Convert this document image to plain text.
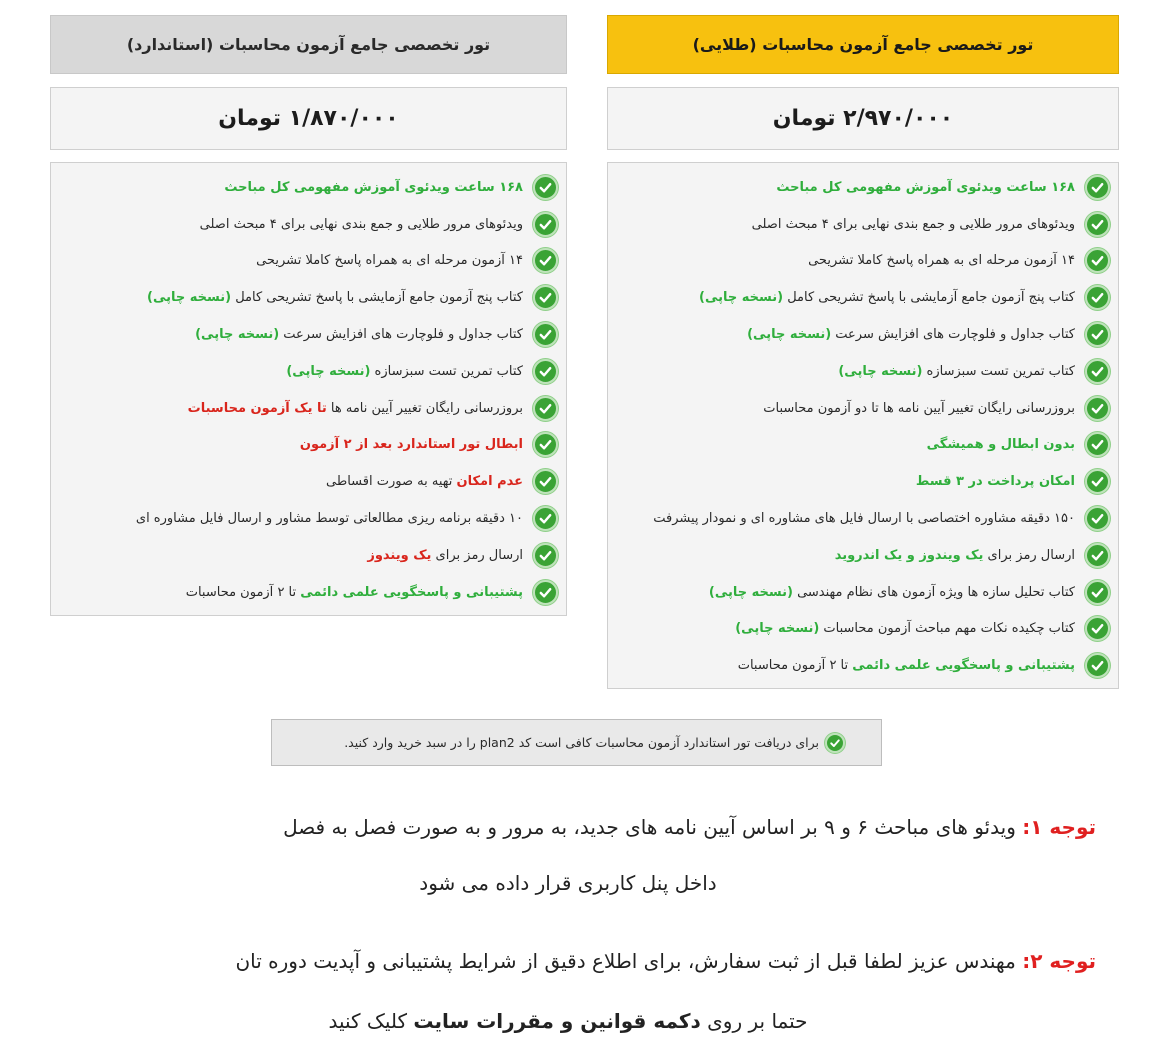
تور تخصصی جامع آزمون محاسبات (طلایی)
۲/۹۷۰/۰۰۰ تومان
۱۶۸ ساعت ویدئوی آموزش مفهومی کل مباحث
ویدئوهای مرور طلایی و جمع بندی نهایی برای ۴ مبحث اصلی
۱۴ آزمون مرحله ای به همراه پاسخ کاملا تشریحی
کتاب پنج آزمون جامع آزمایشی با پاسخ تشریحی کامل (نسخه چاپی)
کتاب جداول و فلوچارت های افزایش سرعت (نسخه چاپی)
کتاب تمرین تست سبزسازه (نسخه چاپی)
بروزرسانی رایگان تغییر آیین نامه ها تا دو آزمون محاسبات
بدون ابطال و همیشگی
امکان پرداخت در ۳ قسط
۱۵۰ دقیقه مشاوره اختصاصی با ارسال فایل های مشاوره ای و نمودار پیشرفت
ارسال رمز برای یک ویندوز و یک اندروید
کتاب تحلیل سازه ها ویژه آزمون های نظام مهندسی (نسخه چاپی)
کتاب چکیده نکات مهم مباحث آزمون محاسبات (نسخه چاپی)
پشتیبانی و پاسخگویی علمی دائمی تا ۲ آزمون محاسبات
تور تخصصی جامع آزمون محاسبات (استاندارد)
۱/۸۷۰/۰۰۰ تومان
۱۶۸ ساعت ویدئوی آموزش مفهومی کل مباحث
ویدئوهای مرور طلایی و جمع بندی نهایی برای ۴ مبحث اصلی
۱۴ آزمون مرحله ای به همراه پاسخ کاملا تشریحی
کتاب پنج آزمون جامع آزمایشی با پاسخ تشریحی کامل (نسخه چاپی)
کتاب جداول و فلوچارت های افزایش سرعت (نسخه چاپی)
کتاب تمرین تست سبزسازه (نسخه چاپی)
بروزرسانی رایگان تغییر آیین نامه ها تا یک آزمون محاسبات
ابطال تور استاندارد بعد از ۲ آزمون
عدم امکان تهیه به صورت اقساطی
۱۰ دقیقه برنامه ریزی مطالعاتی توسط مشاور و ارسال فایل مشاوره ای
ارسال رمز برای یک ویندوز
پشتیبانی و پاسخگویی علمی دائمی تا ۲ آزمون محاسبات
برای دریافت تور استاندارد آزمون محاسبات کافی است کد plan2 را در سبد خرید وارد کنید.
توجه ۱: ویدئو های مباحث ۶ و ۹ بر اساس آیین نامه های جدید، به مرور و به صورت فصل به فصل
داخل پنل کاربری قرار داده می شود
توجه ۲: مهندس عزیز لطفا قبل از ثبت سفارش، برای اطلاع دقیق از شرایط پشتیبانی و آپدیت دوره تان
حتما بر روی دکمه قوانین و مقررات سایت کلیک کنید
